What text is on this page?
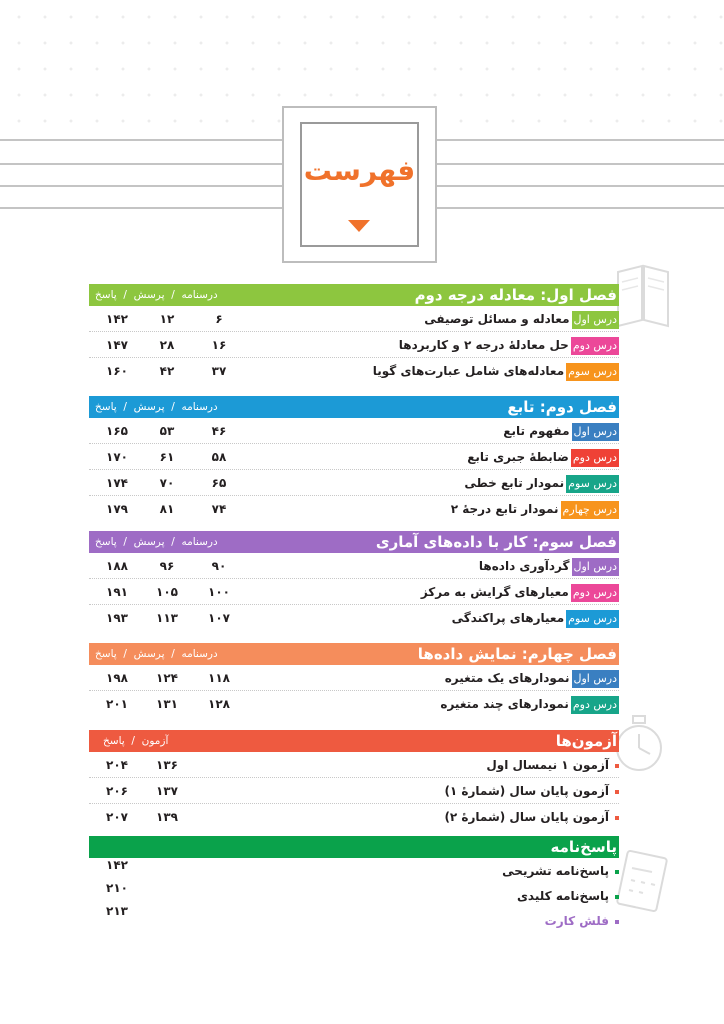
فهرست
فصل اول: معادله درجه دوم
درسنامه  /  پرسش  /  پاسخ
درس اولمعادله و مسائل توصیفی
۶
۱۲
۱۴۲
درس دومحل معادلهٔ درجه ۲ و کاربردها
۱۶
۲۸
۱۴۷
درس سوممعادله‌های شامل عبارت‌های گویا
۳۷
۴۲
۱۶۰
فصل دوم: تابع
درسنامه  /  پرسش  /  پاسخ
درس اولمفهوم تابع
۴۶
۵۳
۱۶۵
درس دومضابطهٔ جبری تابع
۵۸
۶۱
۱۷۰
درس سومنمودار تابع خطی
۶۵
۷۰
۱۷۴
درس چهارمنمودار تابع درجهٔ ۲
۷۴
۸۱
۱۷۹
فصل سوم: کار با داده‌های آماری
درسنامه  /  پرسش  /  پاسخ
درس اولگردآوری داده‌ها
۹۰
۹۶
۱۸۸
درس دوممعیارهای گرایش به مرکز
۱۰۰
۱۰۵
۱۹۱
درس سوممعیارهای پراکندگی
۱۰۷
۱۱۳
۱۹۳
فصل چهارم: نمایش داده‌ها
درسنامه  /  پرسش  /  پاسخ
درس اولنمودارهای یک متغیره
۱۱۸
۱۲۴
۱۹۸
درس دومنمودارهای چند متغیره
۱۲۸
۱۳۱
۲۰۱
آزمون‌ها
آزمون  /  پاسخ
آزمون ۱ نیمسال اول
۱۳۶
۲۰۴
آزمون پایان سال (شمارهٔ ۱)
۱۳۷
۲۰۶
آزمون پایان سال (شمارهٔ ۲)
۱۳۹
۲۰۷
پاسخ‌نامه
پاسخ‌نامه تشریحی
۱۴۲
پاسخ‌نامه کلیدی
۲۱۰
فلش کارت
۲۱۳
